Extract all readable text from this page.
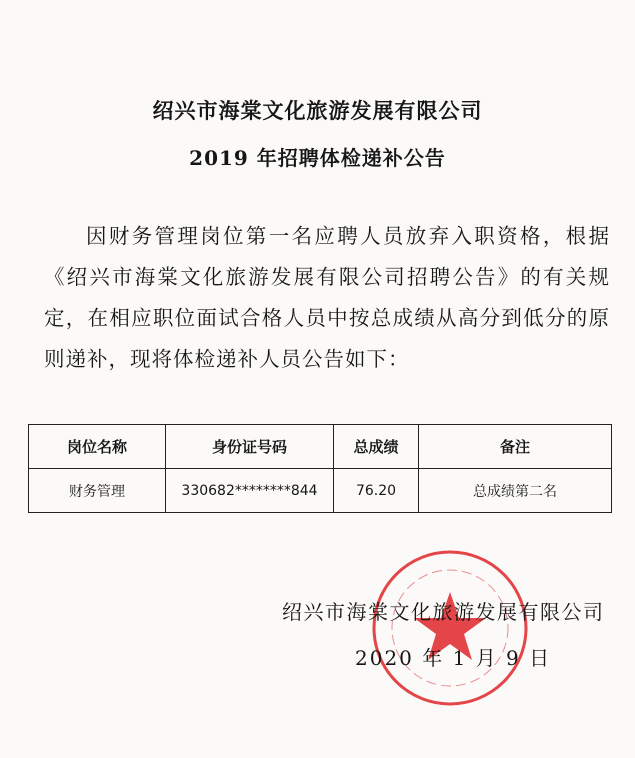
绍兴市海棠文化旅游发展有限公司
2019 年招聘体检递补公告
因财务管理岗位第一名应聘人员放弃入职资格，根据《绍兴市海棠文化旅游发展有限公司招聘公告》的有关规定，在相应职位面试合格人员中按总成绩从高分到低分的原则递补，现将体检递补人员公告如下：
岗位名称	身份证号码	总成绩	备注
财务管理	330682********844	76.20	总成绩第二名
绍兴市海棠文化旅游发展有限公司
2020 年 1 月 9 日
